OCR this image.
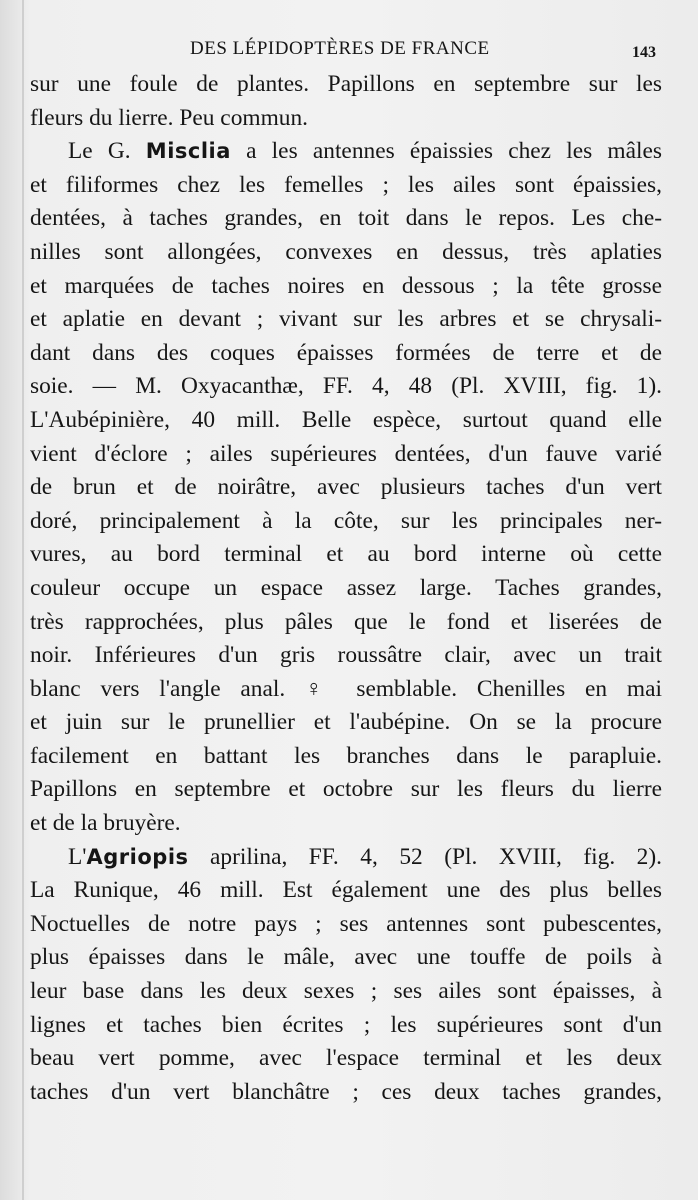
DES LÉPIDOPTÈRES DE FRANCE	143
sur une foule de plantes. Papillons en septembre sur les
fleurs du lierre. Peu commun.
Le G. Misclia a les antennes épaissies chez les mâles
et filiformes chez les femelles ; les ailes sont épaissies,
dentées, à taches grandes, en toit dans le repos. Les che-
nilles sont allongées, convexes en dessus, très aplaties
et marquées de taches noires en dessous ; la tête grosse
et aplatie en devant ; vivant sur les arbres et se chrysali-
dant dans des coques épaisses formées de terre et de
soie. — M. Oxyacanthæ, FF. 4, 48 (Pl. XVIII, fig. 1).
L'Aubépinière, 40 mill. Belle espèce, surtout quand elle
vient d'éclore ; ailes supérieures dentées, d'un fauve varié
de brun et de noirâtre, avec plusieurs taches d'un vert
doré, principalement à la côte, sur les principales ner-
vures, au bord terminal et au bord interne où cette
couleur occupe un espace assez large. Taches grandes,
très rapprochées, plus pâles que le fond et liserées de
noir. Inférieures d'un gris roussâtre clair, avec un trait
blanc vers l'angle anal. ♀ semblable. Chenilles en mai
et juin sur le prunellier et l'aubépine. On se la procure
facilement en battant les branches dans le parapluie.
Papillons en septembre et octobre sur les fleurs du lierre
et de la bruyère.
L'Agriopis aprilina, FF. 4, 52 (Pl. XVIII, fig. 2).
La Runique, 46 mill. Est également une des plus belles
Noctuelles de notre pays ; ses antennes sont pubescentes,
plus épaisses dans le mâle, avec une touffe de poils à
leur base dans les deux sexes ; ses ailes sont épaisses, à
lignes et taches bien écrites ; les supérieures sont d'un
beau vert pomme, avec l'espace terminal et les deux
taches d'un vert blanchâtre ; ces deux taches grandes,
